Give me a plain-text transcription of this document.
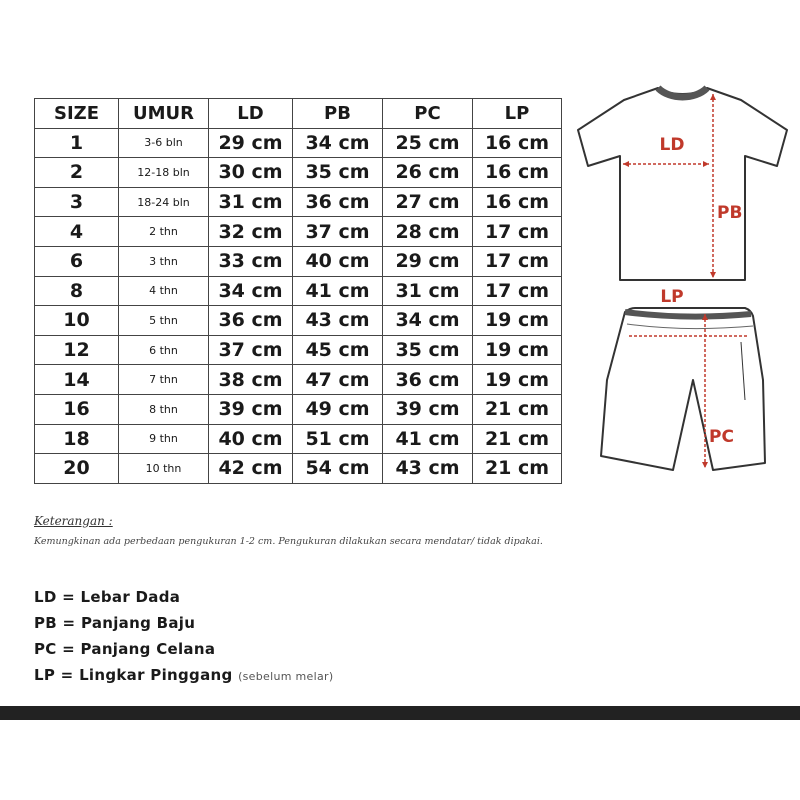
SIZE	UMUR	LD	PB	PC	LP
1	3-6 bln	29 cm	34 cm	25 cm	16 cm
2	12-18 bln	30 cm	35 cm	26 cm	16 cm
3	18-24 bln	31 cm	36 cm	27 cm	16 cm
4	2 thn	32 cm	37 cm	28 cm	17 cm
6	3 thn	33 cm	40 cm	29 cm	17 cm
8	4 thn	34 cm	41 cm	31 cm	17 cm
10	5 thn	36 cm	43 cm	34 cm	19 cm
12	6 thn	37 cm	45 cm	35 cm	19 cm
14	7 thn	38 cm	47 cm	36 cm	19 cm
16	8 thn	39 cm	49 cm	39 cm	21 cm
18	9 thn	40 cm	51 cm	41 cm	21 cm
20	10 thn	42 cm	54 cm	43 cm	21 cm
Keterangan :
Kemungkinan ada perbedaan pengukuran 1-2 cm. Pengukuran dilakukan secara mendatar/ tidak dipakai.
LD = Lebar Dada
PB = Panjang Baju
PC = Panjang Celana
LP = Lingkar Pinggang (sebelum melar)
LD
PB
LP
PC
